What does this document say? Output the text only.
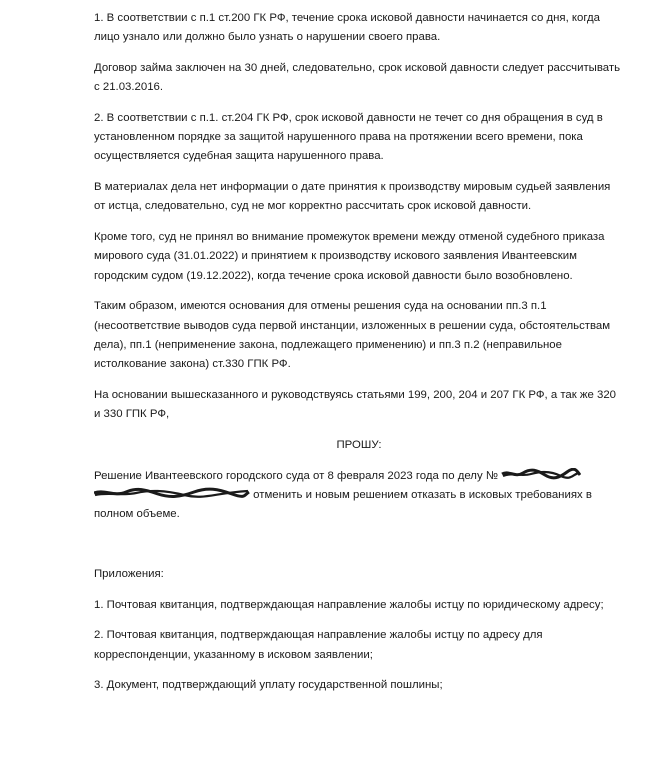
1. В соответствии с п.1 ст.200 ГК РФ, течение срока исковой давности начинается со дня, когда лицо узнало или должно было узнать о нарушении своего права.

Договор займа заключен на 30 дней, следовательно, срок исковой давности следует рассчитывать с 21.03.2016.

2. В соответствии с п.1. ст.204 ГК РФ, срок исковой давности не течет со дня обращения в суд в установленном порядке за защитой нарушенного права на протяжении всего времени, пока осуществляется судебная защита нарушенного права.

В материалах дела нет информации о дате принятия к производству мировым судьей заявления от истца, следовательно, суд не мог корректно рассчитать срок исковой давности.

Кроме того, суд не принял во внимание промежуток времени между отменой судебного приказа мирового суда (31.01.2022) и принятием к производству искового заявления Ивантеевским городским судом (19.12.2022), когда течение срока исковой давности было возобновлено.

Таким образом, имеются основания для отмены решения суда на основании пп.3 п.1 (несоответствие выводов суда первой инстанции, изложенных в решении суда, обстоятельствам дела), пп.1 (неприменение закона, подлежащего применению) и пп.3 п.2 (неправильное истолкование закона) ст.330 ГПК РФ.

На основании вышесказанного и руководствуясь статьями 199, 200, 204 и 207 ГК РФ, а так же 320 и 330 ГПК РФ,

ПРОШУ:

Решение Ивантеевского городского суда от 8 февраля 2023 года по делу №

отменить и новым решением отказать в исковых требованиях в полном объеме.

Приложения:

1. Почтовая квитанция, подтверждающая направление жалобы истцу по юридическому адресу;

2. Почтовая квитанция, подтверждающая направление жалобы истцу по адресу для корреспонденции, указанному в исковом заявлении;

3. Документ, подтверждающий уплату государственной пошлины;
